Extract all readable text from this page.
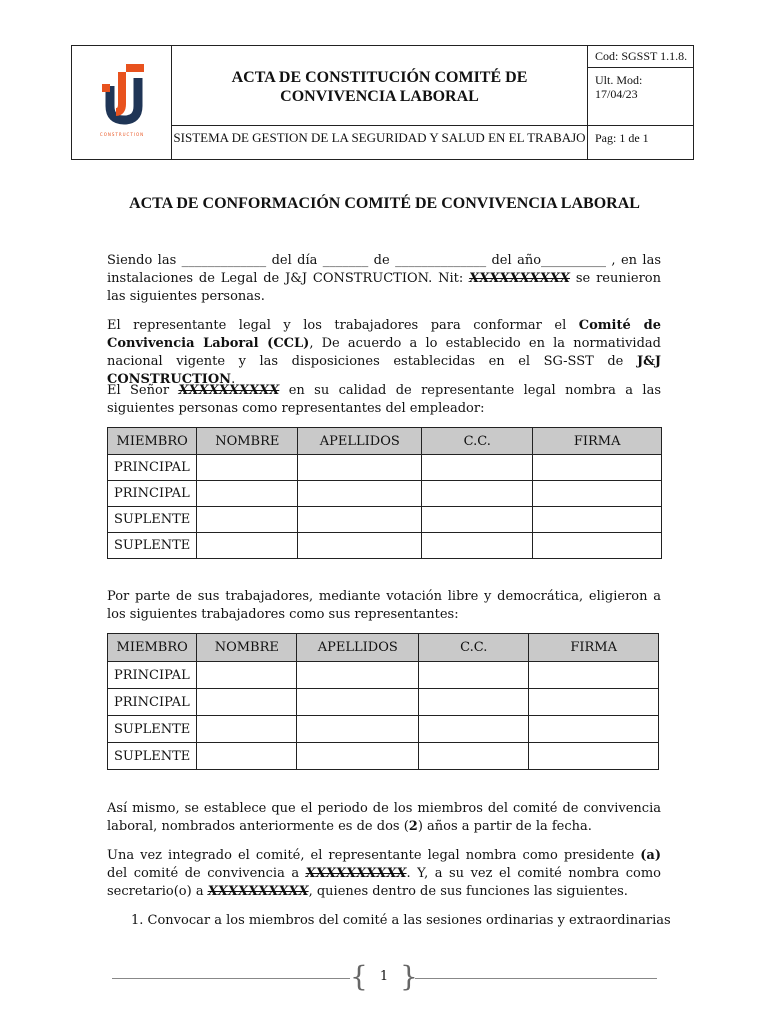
CONSTRUCTION
ACTA DE CONSTITUCIÓN COMITÉ DE
CONVIVENCIA LABORAL
SISTEMA DE GESTION DE LA SEGURIDAD Y SALUD EN EL TRABAJO
Cod: SGSST 1.1.8.
Ult. Mod:
17/04/23
Pag: 1 de 1
ACTA DE CONFORMACIÓN COMITÉ DE CONVIVENCIA LABORAL
Siendo las _____________ del día _______ de ______________ del año__________ , en las instalaciones de Legal de J&J CONSTRUCTION. Nit: XXXXXXXXXX se reunieron las siguientes personas.
El representante legal y los trabajadores para conformar el Comité de Convivencia Laboral (CCL), De acuerdo a lo establecido en la normatividad nacional vigente y las disposiciones establecidas en el SG-SST de J&J CONSTRUCTION.
El Señor XXXXXXXXXX en su calidad de representante legal nombra a las siguientes personas como representantes del empleador:
MIEMBRO	NOMBRE	APELLIDOS	C.C.	FIRMA
PRINCIPAL				
PRINCIPAL				
SUPLENTE				
SUPLENTE				
Por parte de sus trabajadores, mediante votación libre y democrática, eligieron a los siguientes trabajadores como sus representantes:
MIEMBRO	NOMBRE	APELLIDOS	C.C.	FIRMA
PRINCIPAL				
PRINCIPAL				
SUPLENTE				
SUPLENTE				
Así mismo, se establece que el periodo de los miembros del comité de convivencia laboral, nombrados anteriormente es de dos (2) años a partir de la fecha.
Una vez integrado el comité, el representante legal nombra como presidente (a) del comité de convivencia a XXXXXXXXXX. Y, a su vez el comité nombra como secretario(o) a XXXXXXXXXX, quienes dentro de sus funciones las siguientes.
1. Convocar a los miembros del comité a las sesiones ordinarias y extraordinarias
{ }
1
